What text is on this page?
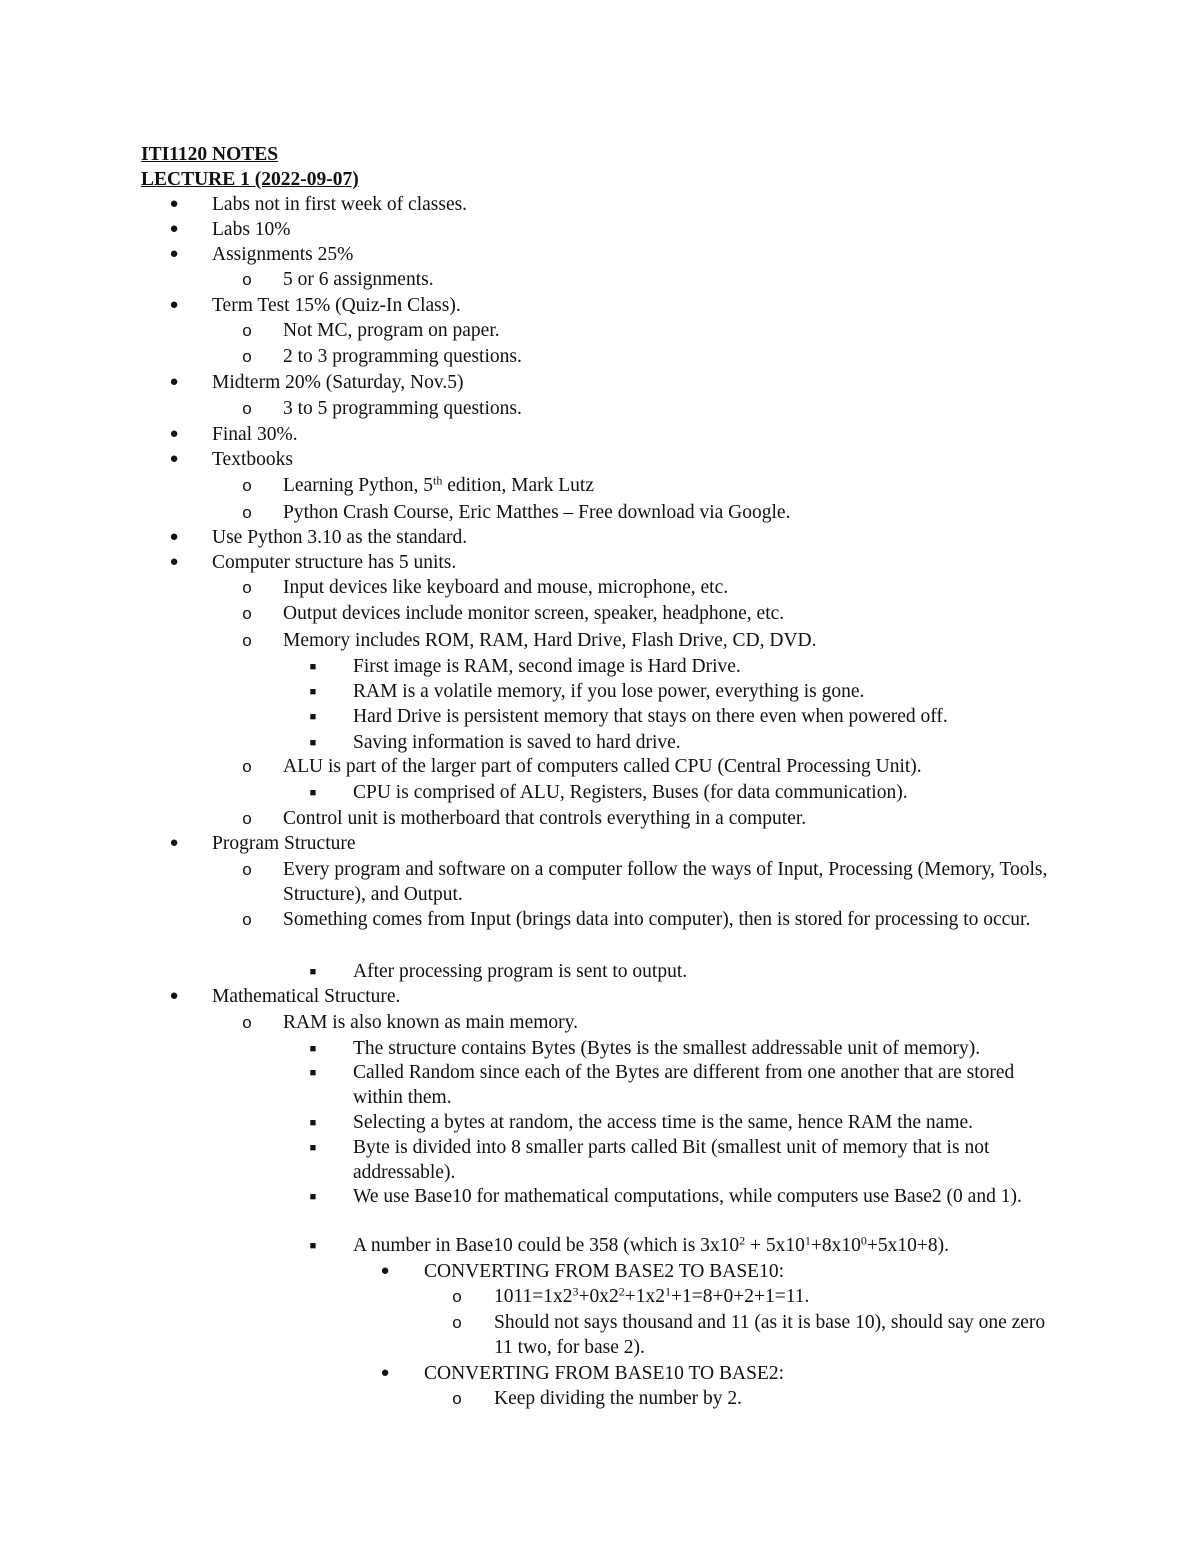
ITI1120 NOTES
LECTURE 1 (2022-09-07)
●	Labs not in first week of classes.
●	Labs 10%
●	Assignments 25%
o	5 or 6 assignments.
●	Term Test 15% (Quiz-In Class).
o	Not MC, program on paper.
o	2 to 3 programming questions.
●	Midterm 20% (Saturday, Nov.5)
o	3 to 5 programming questions.
●	Final 30%.
●	Textbooks
o	Learning Python, 5th edition, Mark Lutz
o	Python Crash Course, Eric Matthes – Free download via Google.
●	Use Python 3.10 as the standard.
●	Computer structure has 5 units.
o	Input devices like keyboard and mouse, microphone, etc.
o	Output devices include monitor screen, speaker, headphone, etc.
o	Memory includes ROM, RAM, Hard Drive, Flash Drive, CD, DVD.
■	First image is RAM, second image is Hard Drive.
■	RAM is a volatile memory, if you lose power, everything is gone.
■	Hard Drive is persistent memory that stays on there even when powered off.
■	Saving information is saved to hard drive.
o	ALU is part of the larger part of computers called CPU (Central Processing Unit).
■	CPU is comprised of ALU, Registers, Buses (for data communication).
o	Control unit is motherboard that controls everything in a computer.
●	Program Structure
o	Every program and software on a computer follow the ways of Input, Processing (Memory, Tools, Structure), and Output.
o	Something comes from Input (brings data into computer), then is stored for processing to occur.
■	After processing program is sent to output.
●	Mathematical Structure.
o	RAM is also known as main memory.
■	The structure contains Bytes (Bytes is the smallest addressable unit of memory).
■	Called Random since each of the Bytes are different from one another that are stored within them.
■	Selecting a bytes at random, the access time is the same, hence RAM the name.
■	Byte is divided into 8 smaller parts called Bit (smallest unit of memory that is not addressable).
■	We use Base10 for mathematical computations, while computers use Base2 (0 and 1).
■	A number in Base10 could be 358 (which is $3x10^2 + 5x10^1+8x10^0+5x10+8$).
●	CONVERTING FROM BASE2 TO BASE10:
o	$1011=1x2^3+0x2^2+1x2^1+1=8+0+2+1=11$.
o	Should not says thousand and 11 (as it is base 10), should say one zero 11 two, for base 2).
●	CONVERTING FROM BASE10 TO BASE2:
o	Keep dividing the number by 2.
